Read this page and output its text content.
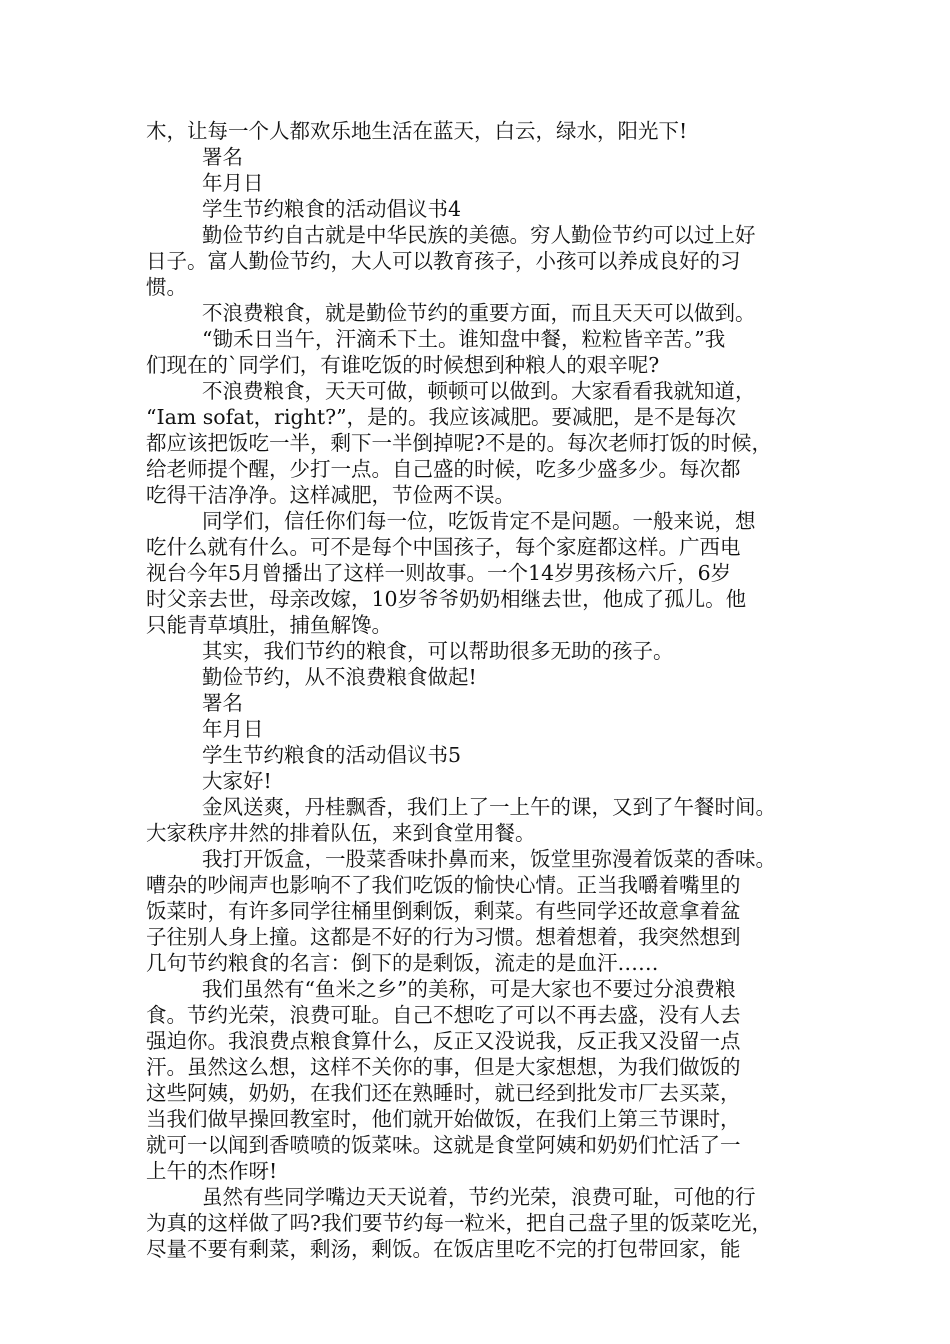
木，让每一个人都欢乐地生活在蓝天，白云，绿水，阳光下!
署名
年月日
学生节约粮食的活动倡议书4
勤俭节约自古就是中华民族的美德。穷人勤俭节约可以过上好
日子。富人勤俭节约，大人可以教育孩子，小孩可以养成良好的习
惯。
不浪费粮食，就是勤俭节约的重要方面，而且天天可以做到。
“锄禾日当午，汗滴禾下土。谁知盘中餐，粒粒皆辛苦。”我
们现在的`同学们，有谁吃饭的时候想到种粮人的艰辛呢?
不浪费粮食，天天可做，顿顿可以做到。大家看看我就知道，
“Iam sofat，right?”，是的。我应该减肥。要减肥，是不是每次
都应该把饭吃一半，剩下一半倒掉呢?不是的。每次老师打饭的时候，
给老师提个醒，少打一点。自己盛的时候，吃多少盛多少。每次都
吃得干洁净净。这样减肥，节俭两不误。
同学们，信任你们每一位，吃饭肯定不是问题。一般来说，想
吃什么就有什么。可不是每个中国孩子，每个家庭都这样。广西电
视台今年5月曾播出了这样一则故事。一个14岁男孩杨六斤，6岁
时父亲去世，母亲改嫁，10岁爷爷奶奶相继去世，他成了孤儿。他
只能青草填肚，捕鱼解馋。
其实，我们节约的粮食，可以帮助很多无助的孩子。
勤俭节约，从不浪费粮食做起!
署名
年月日
学生节约粮食的活动倡议书5
大家好!
金风送爽，丹桂飘香，我们上了一上午的课，又到了午餐时间。
大家秩序井然的排着队伍，来到食堂用餐。
我打开饭盒，一股菜香味扑鼻而来，饭堂里弥漫着饭菜的香味。
嘈杂的吵闹声也影响不了我们吃饭的愉快心情。正当我嚼着嘴里的
饭菜时，有许多同学往桶里倒剩饭，剩菜。有些同学还故意拿着盆
子往别人身上撞。这都是不好的行为习惯。想着想着，我突然想到
几句节约粮食的名言：倒下的是剩饭，流走的是血汗……
我们虽然有“鱼米之乡”的美称，可是大家也不要过分浪费粮
食。节约光荣，浪费可耻。自己不想吃了可以不再去盛，没有人去
强迫你。我浪费点粮食算什么，反正又没说我，反正我又没留一点
汗。虽然这么想，这样不关你的事，但是大家想想，为我们做饭的
这些阿姨，奶奶，在我们还在熟睡时，就已经到批发市厂去买菜，
当我们做早操回教室时，他们就开始做饭，在我们上第三节课时，
就可一以闻到香喷喷的饭菜味。这就是食堂阿姨和奶奶们忙活了一
上午的杰作呀!
虽然有些同学嘴边天天说着，节约光荣，浪费可耻，可他的行
为真的这样做了吗?我们要节约每一粒米，把自己盘子里的饭菜吃光，
尽量不要有剩菜，剩汤，剩饭。在饭店里吃不完的打包带回家，能
